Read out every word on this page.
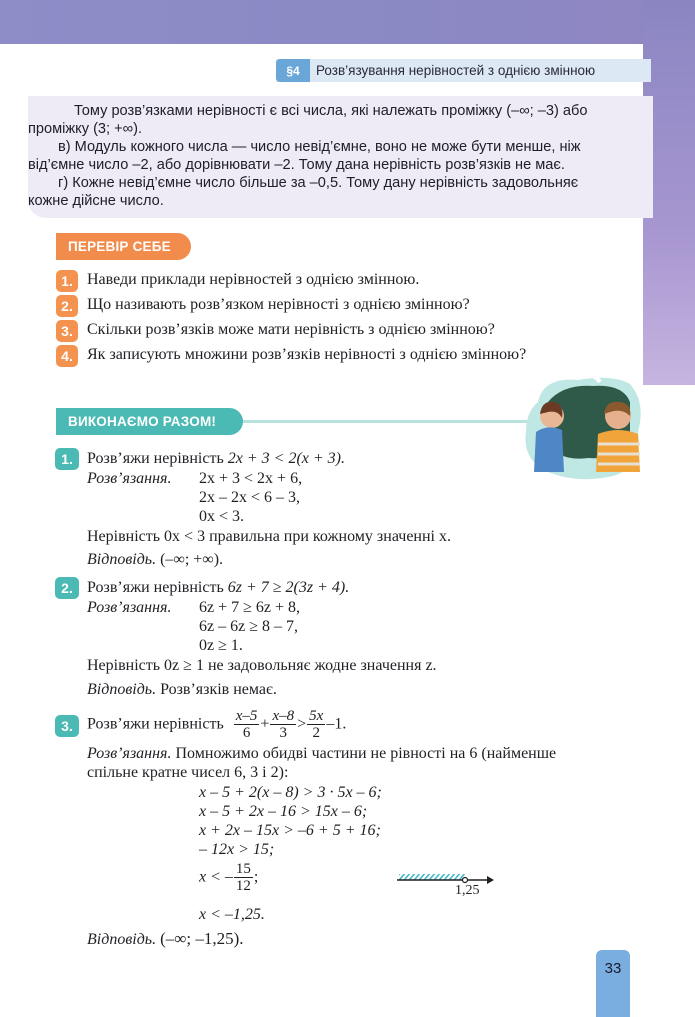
§4	Розв’язування нерівностей з однією змінною

Тому розв’язками нерівності є всі числа, які належать проміжку (–∞; –3) або

проміжку (3; +∞).

в) Модуль кожного числа — число невід’ємне, воно не може бути менше, ніж

від’ємне число –2, або дорівнювати –2. Тому дана нерівність розв’язків не має.

г) Кожне невід’ємне число більше за –0,5. Тому дану нерівність задовольняє

кожне дійсне число.

ПЕРЕВІР СЕБЕ
1. Наведи приклади нерівностей з однією змінною.
2. Що називають розв’язком нерівності з однією змінною?
3. Скільки розв’язків може мати нерівність з однією змінною?
4. Як записують множини розв’язків нерівності з однією змінною?
ВИКОНАЄМО РАЗОМ!
1. Розв’яжи нерівність 2x + 3 < 2(x + 3).
Розв’язання. 2x + 3 < 2x + 6,
2x – 2x < 6 – 3,
0x < 3.
Нерівність 0x < 3 правильна при кожному значенні x.
Відповідь. (–∞; +∞).
2. Розв’яжи нерівність 6z + 7 ≥ 2(3z + 4).
Розв’язання. 6z + 7 ≥ 6z + 8,
6z – 6z ≥ 8 – 7,
0z ≥ 1.
Нерівність 0z ≥ 1 не задовольняє жодне значення z.
Відповідь. Розв’язків немає.
3. Розв’яжи нерівність $\frac{x-5}{6} + \frac{x-8}{3} > \frac{5x}{2} -1$.
Розв’язання. Помножимо обидві частини не рівності на 6 (найменше
спільне кратне чисел 6, 3 і 2):
x – 5 + 2(x – 8) > 3 · 5x – 6;
x – 5 + 2x – 16 > 15x – 6;
x + 2x – 15x > –6 + 5 + 16;
– 12x > 15;
x < – $\frac{15}{12}$ ;
x < –1,25.
1,25
Відповідь. (–∞; –1,25).
33
